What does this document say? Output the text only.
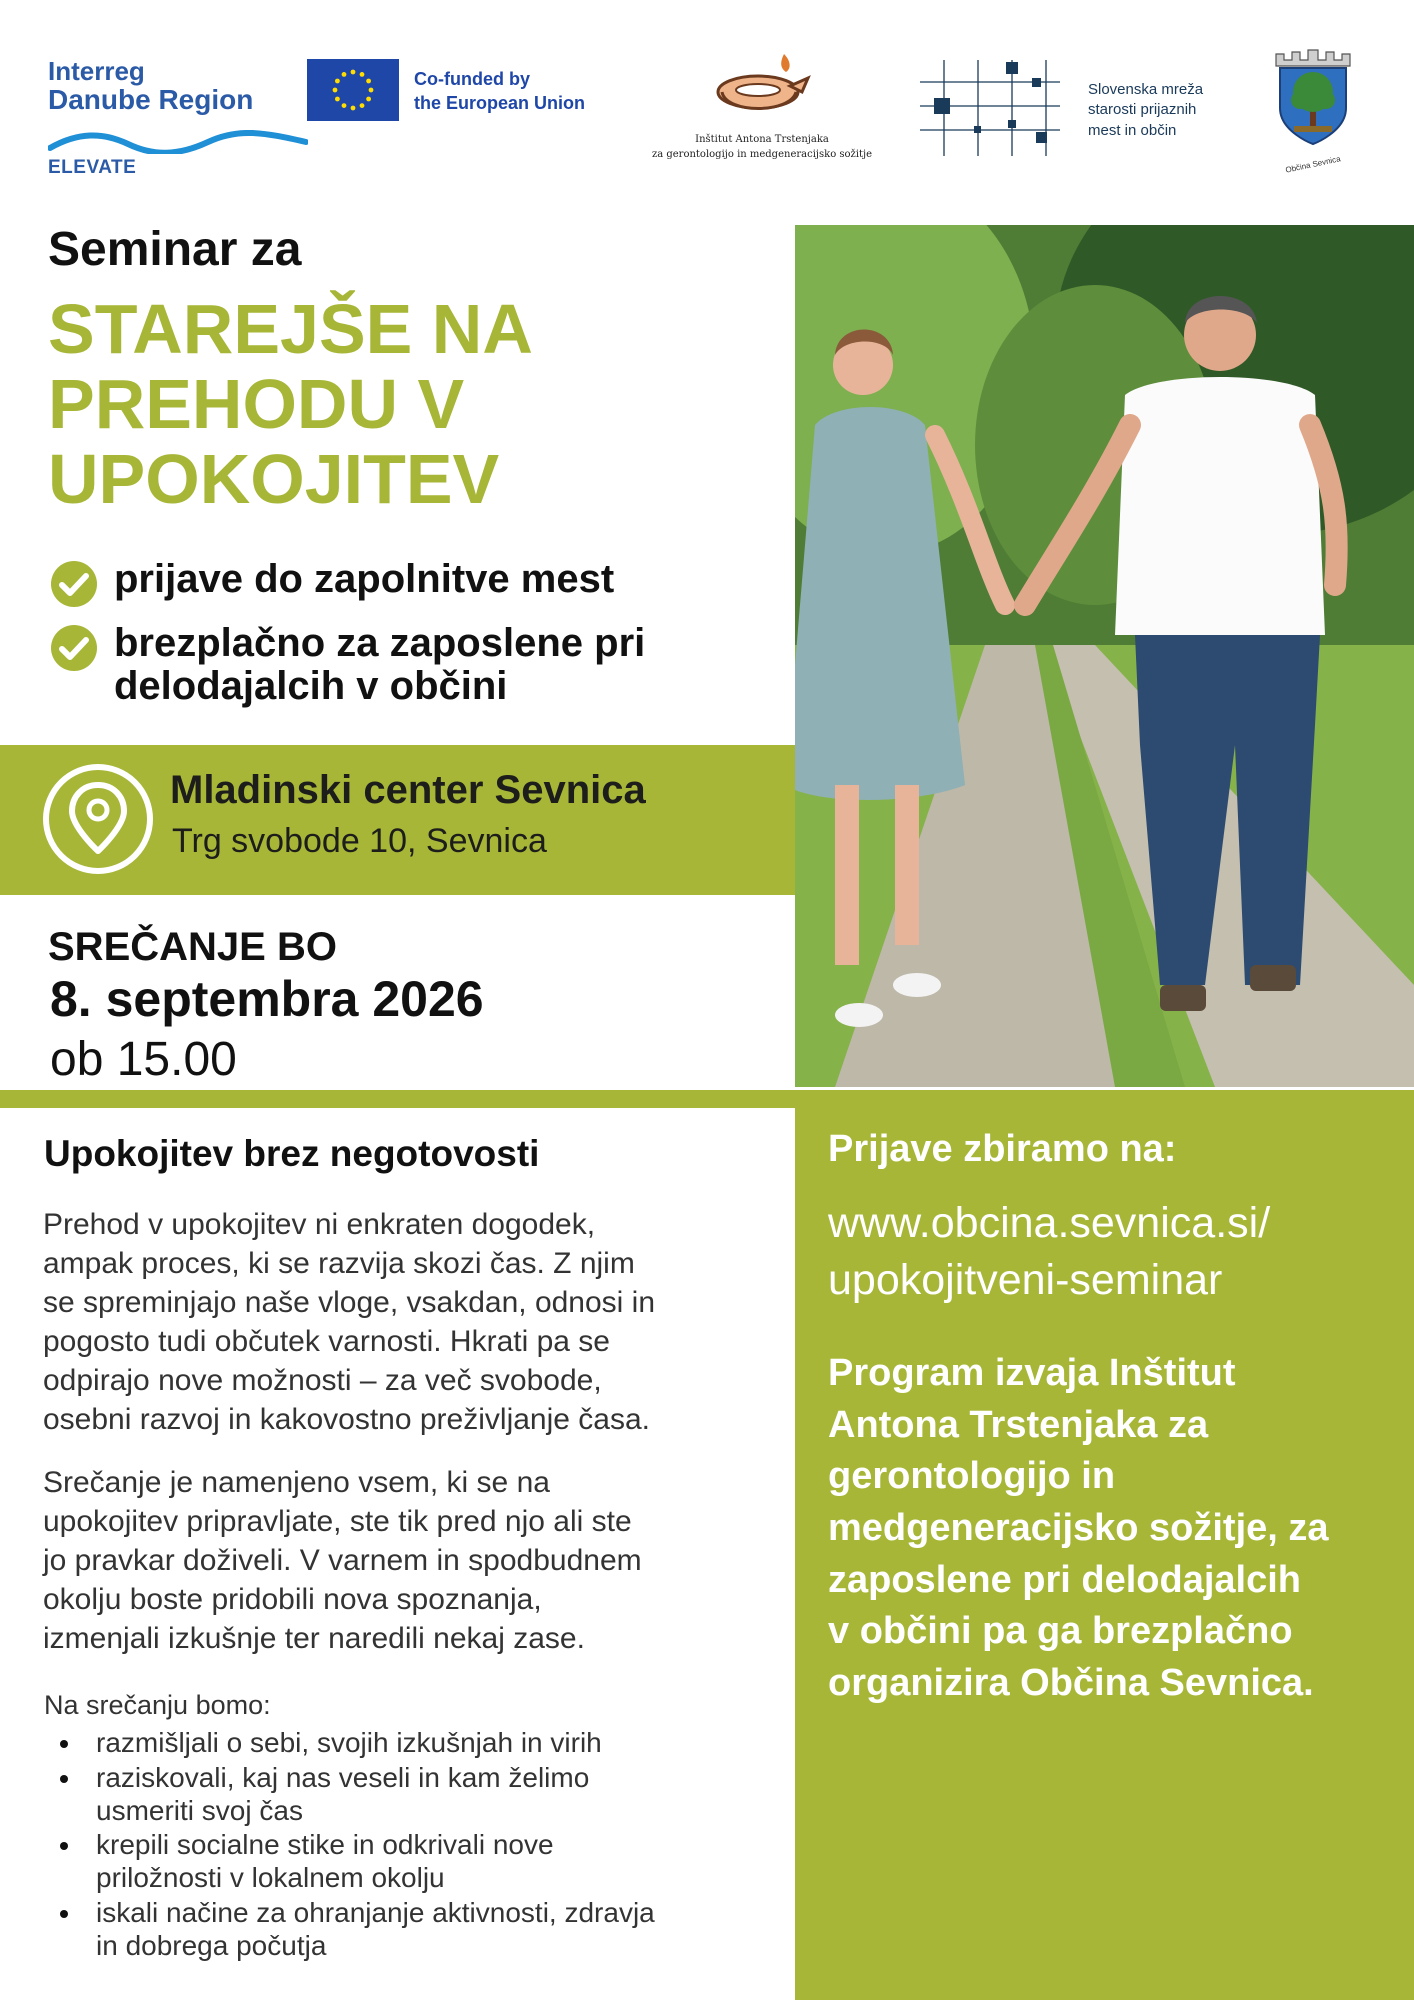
Interreg
Danube Region
ELEVATE
Co-funded by
the European Union
Inštitut Antona Trstenjaka
za gerontologijo in medgeneracijsko sožitje
Slovenska mreža
starosti prijaznih
mest in občin
Občina Sevnica
Seminar za
STAREJŠE NA
PREHODU V
UPOKOJITEV
prijave do zapolnitve mest
brezplačno za zaposlene pri
delodajalcih v občini
Mladinski center Sevnica
Trg svobode 10, Sevnica
SREČANJE BO
8. septembra 2026
ob 15.00
Upokojitev brez negotovosti
Prehod v upokojitev ni enkraten dogodek,
ampak proces, ki se razvija skozi čas. Z njim
se spreminjajo naše vloge, vsakdan, odnosi in
pogosto tudi občutek varnosti. Hkrati pa se
odpirajo nove možnosti – za več svobode,
osebni razvoj in kakovostno preživljanje časa.
Srečanje je namenjeno vsem, ki se na
upokojitev pripravljate, ste tik pred njo ali ste
jo pravkar doživeli. V varnem in spodbudnem
okolju boste pridobili nova spoznanja,
izmenjali izkušnje ter naredili nekaj zase.
Na srečanju bomo:
razmišljali o sebi, svojih izkušnjah in virih
raziskovali, kaj nas veseli in kam želimo
usmeriti svoj čas
krepili socialne stike in odkrivali nove
priložnosti v lokalnem okolju
iskali načine za ohranjanje aktivnosti, zdravja
in dobrega počutja
Prijave zbiramo na:
www.obcina.sevnica.si/
upokojitveni-seminar
Program izvaja Inštitut
Antona Trstenjaka za
gerontologijo in
medgeneracijsko sožitje, za
zaposlene pri delodajalcih
v občini pa ga brezplačno
organizira Občina Sevnica.
